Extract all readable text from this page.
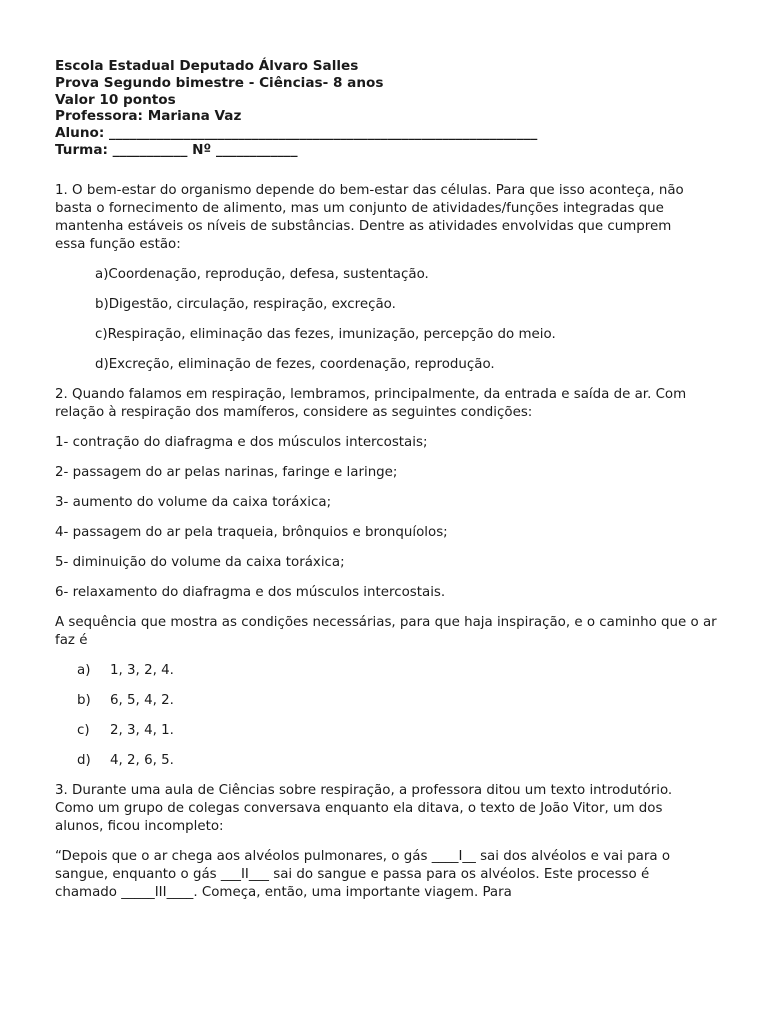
Escola Estadual Deputado Álvaro Salles
Prova Segundo bimestre - Ciências- 8 anos
Valor 10 pontos
Professora: Mariana Vaz
Aluno: _______________________________________________________________
Turma: ___________ Nº ____________

1. O bem-estar do organismo depende do bem-estar das células. Para que isso aconteça, não basta o fornecimento de alimento, mas um conjunto de atividades/funções integradas que mantenha estáveis os níveis de substâncias. Dentre as atividades envolvidas que cumprem essa função estão:

a)Coordenação, reprodução, defesa, sustentação.

b)Digestão, circulação, respiração, excreção.

c)Respiração, eliminação das fezes, imunização, percepção do meio.

d)Excreção, eliminação de fezes, coordenação, reprodução.

2. Quando falamos em respiração, lembramos, principalmente, da entrada e saída de ar. Com relação à respiração dos mamíferos, considere as seguintes condições:

1- contração do diafragma e dos músculos intercostais;

2- passagem do ar pelas narinas, faringe e laringe;

3- aumento do volume da caixa toráxica;

4- passagem do ar pela traqueia, brônquios e bronquíolos;

5- diminuição do volume da caixa toráxica;

6- relaxamento do diafragma e dos músculos intercostais.

A sequência que mostra as condições necessárias, para que haja inspiração, e o caminho que o ar faz é

a)	1, 3, 2, 4.
b)	6, 5, 4, 2.
c)	2, 3, 4, 1.
d)	4, 2, 6, 5.

3. Durante uma aula de Ciências sobre respiração, a professora ditou um texto introdutório. Como um grupo de colegas conversava enquanto ela ditava, o texto de João Vitor, um dos alunos, ficou incompleto:

“Depois que o ar chega aos alvéolos pulmonares, o gás ____I__ sai dos alvéolos e vai para o sangue, enquanto o gás ___II___ sai do sangue e passa para os alvéolos. Este processo é chamado _____III____. Começa, então, uma importante viagem. Para
